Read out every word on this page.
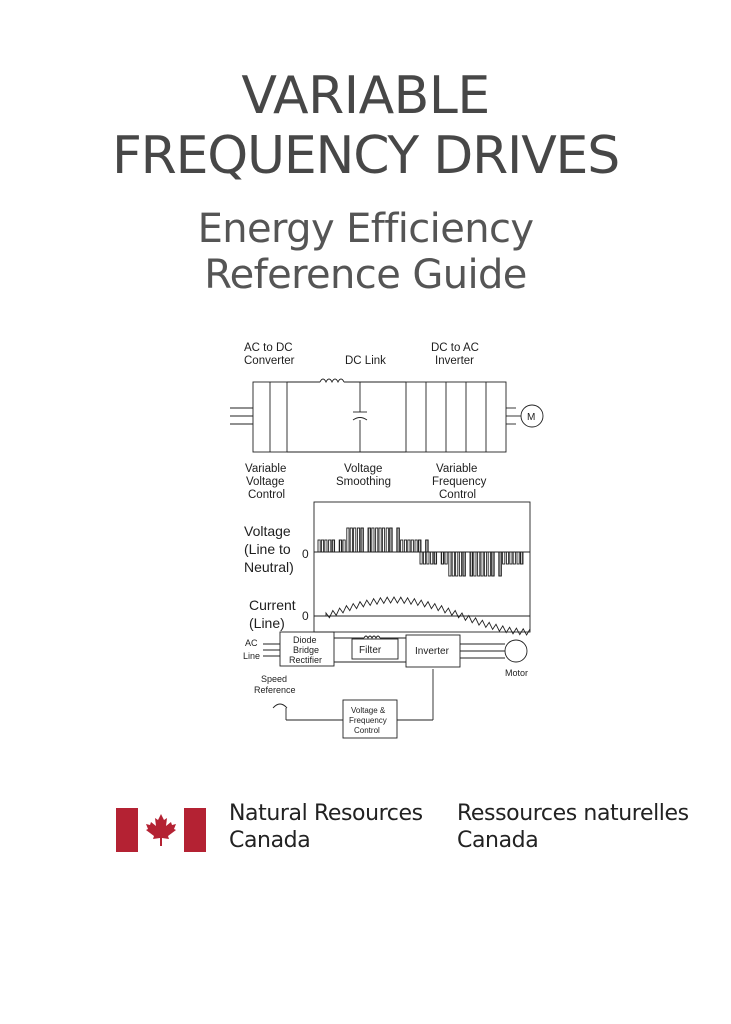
VARIABLE
FREQUENCY DRIVES
Energy Efficiency
Reference Guide
AC to DC
Converter	DC Link
DC to AC
Inverter
M
Variable
Voltage
Control
Voltage
Smoothing
Variable
Frequency
Control
Voltage
(Line to
Neutral)
0
Current
(Line) 0
AC
Line
Diode
Bridge
Rectifier
Filter	Inverter
Motor
Speed
Reference
Voltage &
Frequency
Control
Natural Resources
Canada
Ressources naturelles
Canada
